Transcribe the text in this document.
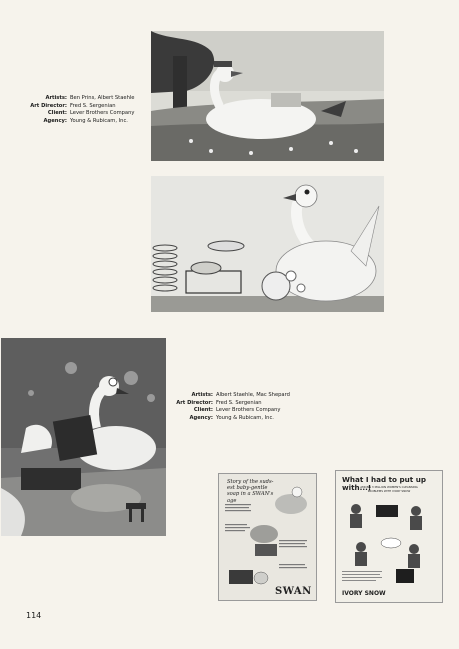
Artists: Ben Prins, Albert Staehle
Art Director: Fred S. Sergenian
Client: Lever Brothers Company
Agency: Young & Rubicam, Inc.
Artists: Albert Staehle, Mac Shepard
Art Director: Fred S. Sergenian
Client: Lever Brothers Company
Agency: Young & Rubicam, Inc.
Story of the suds-est baby-gentle soap in a SWAN's age
SWAN
What I had to put up with...!
AMONG 3 MILLION WOMEN'S CLEANSING PROBLEMS WITH IVORY SNOW
IVORY SNOW
114
